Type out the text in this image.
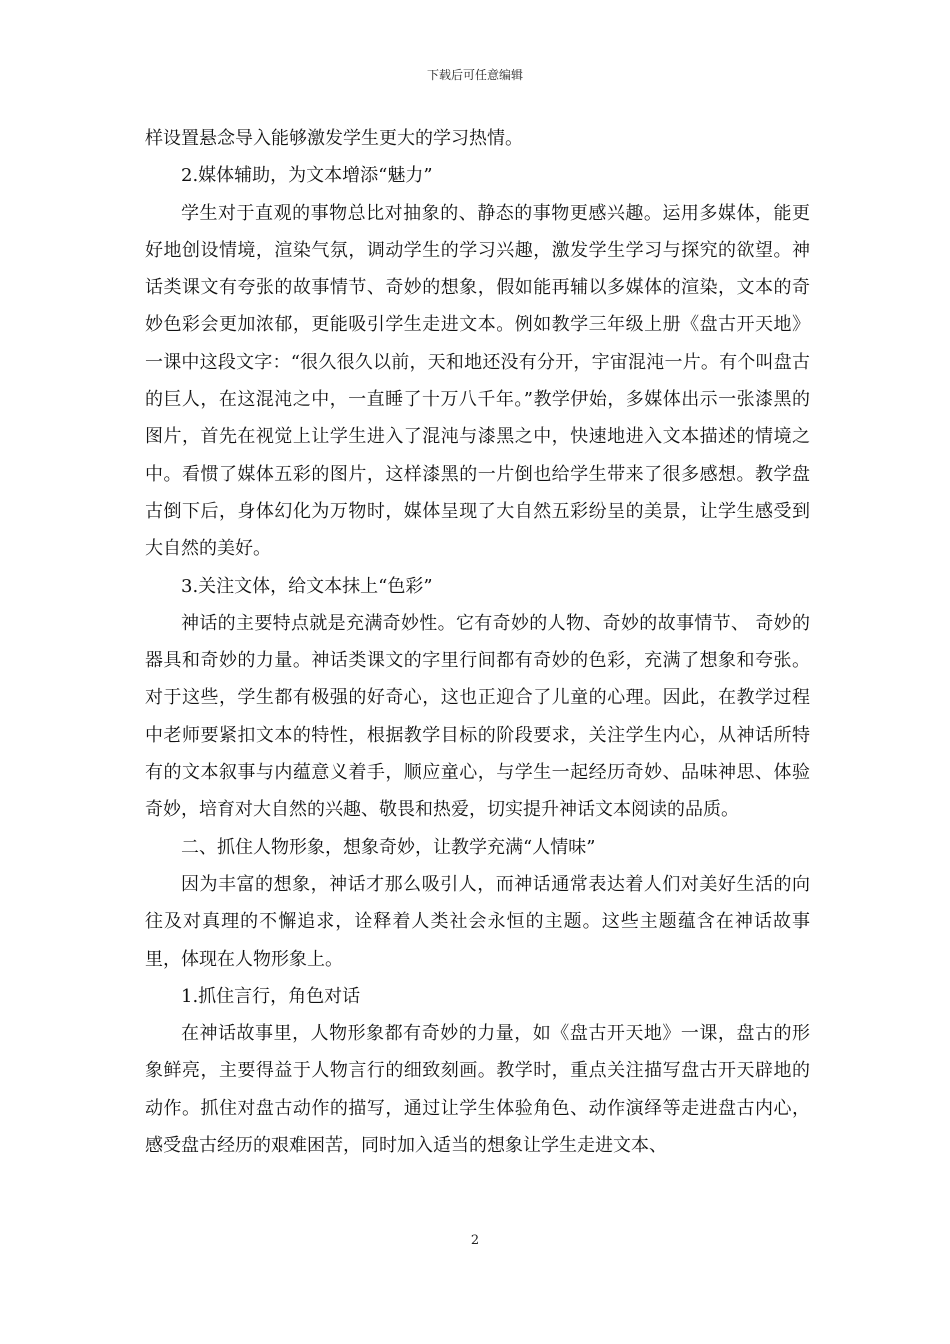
下载后可任意编辑

样设置悬念导入能够激发学生更大的学习热情。

2.媒体辅助，为文本增添“魅力”

学生对于直观的事物总比对抽象的、静态的事物更感兴趣。运用多媒体，能更好地创设情境，渲染气氛，调动学生的学习兴趣，激发学生学习与探究的欲望。神话类课文有夸张的故事情节、奇妙的想象，假如能再辅以多媒体的渲染，文本的奇妙色彩会更加浓郁，更能吸引学生走进文本。例如教学三年级上册《盘古开天地》一课中这段文字：“很久很久以前，天和地还没有分开，宇宙混沌一片。有个叫盘古的巨人，在这混沌之中，一直睡了十万八千年。”教学伊始，多媒体出示一张漆黑的图片，首先在视觉上让学生进入了混沌与漆黑之中，快速地进入文本描述的情境之中。看惯了媒体五彩的图片，这样漆黑的一片倒也给学生带来了很多感想。教学盘古倒下后，身体幻化为万物时，媒体呈现了大自然五彩纷呈的美景，让学生感受到大自然的美好。

3.关注文体，给文本抹上“色彩”

神话的主要特点就是充满奇妙性。它有奇妙的人物、奇妙的故事情节、 奇妙的器具和奇妙的力量。神话类课文的字里行间都有奇妙的色彩，充满了想象和夸张。对于这些，学生都有极强的好奇心，这也正迎合了儿童的心理。因此，在教学过程中老师要紧扣文本的特性，根据教学目标的阶段要求，关注学生内心，从神话所特有的文本叙事与内蕴意义着手，顺应童心，与学生一起经历奇妙、品味神思、体验奇妙，培育对大自然的兴趣、敬畏和热爱，切实提升神话文本阅读的品质。

二、抓住人物形象，想象奇妙，让教学充满“人情味”

因为丰富的想象，神话才那么吸引人，而神话通常表达着人们对美好生活的向往及对真理的不懈追求，诠释着人类社会永恒的主题。这些主题蕴含在神话故事里，体现在人物形象上。

1.抓住言行，角色对话

在神话故事里，人物形象都有奇妙的力量，如《盘古开天地》一课，盘古的形象鲜亮，主要得益于人物言行的细致刻画。教学时，重点关注描写盘古开天辟地的动作。抓住对盘古动作的描写，通过让学生体验角色、动作演绎等走进盘古内心，感受盘古经历的艰难困苦，同时加入适当的想象让学生走进文本、

2
